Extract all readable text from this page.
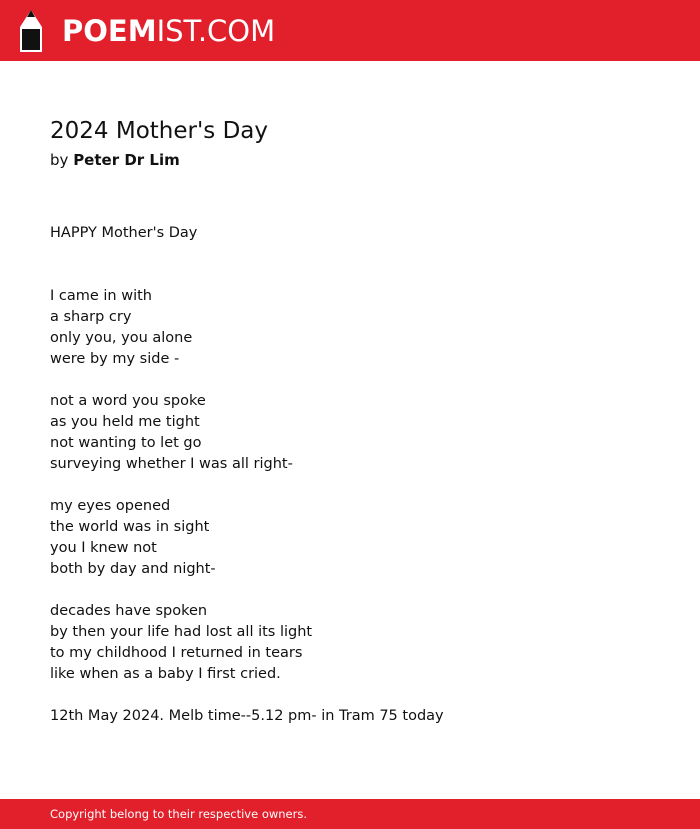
POEMIST.COM
2024 Mother's Day
by Peter Dr Lim
HAPPY Mother's Day
I came in with
a sharp cry
only you, you alone
were by my side -
not a word you spoke
as you held me tight
not wanting to let go
surveying whether I was all right-
my eyes opened
the world was in sight
you I knew not
both by day and night-
decades have spoken
by then your life had lost all its light
to my childhood I returned in tears
like when as a baby I first cried.
12th May 2024. Melb time--5.12 pm- in Tram 75 today
Copyright belong to their respective owners.
